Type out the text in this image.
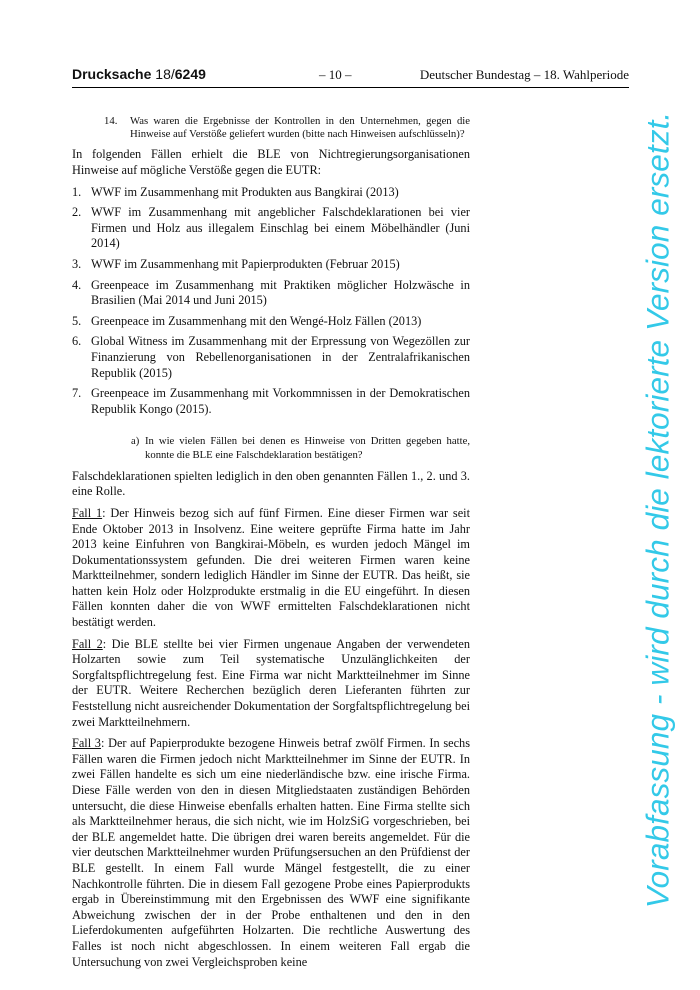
Drucksache 18/6249	– 10 –	Deutscher Bundestag – 18. Wahlperiode
14.	Was waren die Ergebnisse der Kontrollen in den Unternehmen, gegen die Hinweise auf Verstöße geliefert wurden (bitte nach Hinweisen aufschlüsseln)?

In folgenden Fällen erhielt die BLE von Nichtregierungsorganisationen Hinweise auf mögliche Verstöße gegen die EUTR:

1. WWF im Zusammenhang mit Produkten aus Bangkirai (2013)
2. WWF im Zusammenhang mit angeblicher Falschdeklarationen bei vier Firmen und Holz aus illegalem Einschlag bei einem Möbelhändler (Juni 2014)
3. WWF im Zusammenhang mit Papierprodukten (Februar 2015)
4. Greenpeace im Zusammenhang mit Praktiken möglicher Holzwäsche in Brasilien (Mai 2014 und Juni 2015)
5. Greenpeace im Zusammenhang mit den Wengé-Holz Fällen (2013)
6. Global Witness im Zusammenhang mit der Erpressung von Wegezöllen zur Finanzierung von Rebellenorganisationen in der Zentralafrikanischen Republik (2015)
7. Greenpeace im Zusammenhang mit Vorkommnissen in der Demokratischen Republik Kongo (2015).
a) In wie vielen Fällen bei denen es Hinweise von Dritten gegeben hatte, konnte die BLE eine Falschdeklaration bestätigen?

Falschdeklarationen spielten lediglich in den oben genannten Fällen 1., 2. und 3. eine Rolle.

Fall 1: Der Hinweis bezog sich auf fünf Firmen. Eine dieser Firmen war seit Ende Oktober 2013 in Insolvenz. Eine weitere geprüfte Firma hatte im Jahr 2013 keine Einfuhren von Bangkirai-Möbeln, es wurden jedoch Mängel im Dokumentationssystem gefunden. Die drei weiteren Firmen waren keine Marktteilnehmer, sondern lediglich Händler im Sinne der EUTR. Das heißt, sie hatten kein Holz oder Holzprodukte erstmalig in die EU eingeführt. In diesen Fällen konnten daher die von WWF ermittelten Falschdeklarationen nicht bestätigt werden.

Fall 2: Die BLE stellte bei vier Firmen ungenaue Angaben der verwendeten Holzarten sowie zum Teil systematische Unzulänglichkeiten der Sorgfaltspflichtregelung fest. Eine Firma war nicht Marktteilnehmer im Sinne der EUTR. Weitere Recherchen bezüglich deren Lieferanten führten zur Feststellung nicht ausreichender Dokumentation der Sorgfaltspflichtregelung bei zwei Marktteilnehmern.

Fall 3: Der auf Papierprodukte bezogene Hinweis betraf zwölf Firmen. In sechs Fällen waren die Firmen jedoch nicht Marktteilnehmer im Sinne der EUTR. In zwei Fällen handelte es sich um eine niederländische bzw. eine irische Firma. Diese Fälle werden von den in diesen Mitgliedstaaten zuständigen Behörden untersucht, die diese Hinweise ebenfalls erhalten hatten. Eine Firma stellte sich als Marktteilnehmer heraus, die sich nicht, wie im HolzSiG vorgeschrieben, bei der BLE angemeldet hatte. Die übrigen drei waren bereits angemeldet. Für die vier deutschen Marktteilnehmer wurden Prüfungsersuchen an den Prüfdienst der BLE gestellt. In einem Fall wurde Mängel festgestellt, die zu einer Nachkontrolle führten. Die in diesem Fall gezogene Probe eines Papierprodukts ergab in Übereinstimmung mit den Ergebnissen des WWF eine signifikante Abweichung zwischen der in der Probe enthaltenen und den in den Lieferdokumenten aufgeführten Holzarten. Die rechtliche Auswertung des Falles ist noch nicht abgeschlossen. In einem weiteren Fall ergab die Untersuchung von zwei Vergleichsproben keine

Vorabfassung - wird durch die lektorierte Version ersetzt.
